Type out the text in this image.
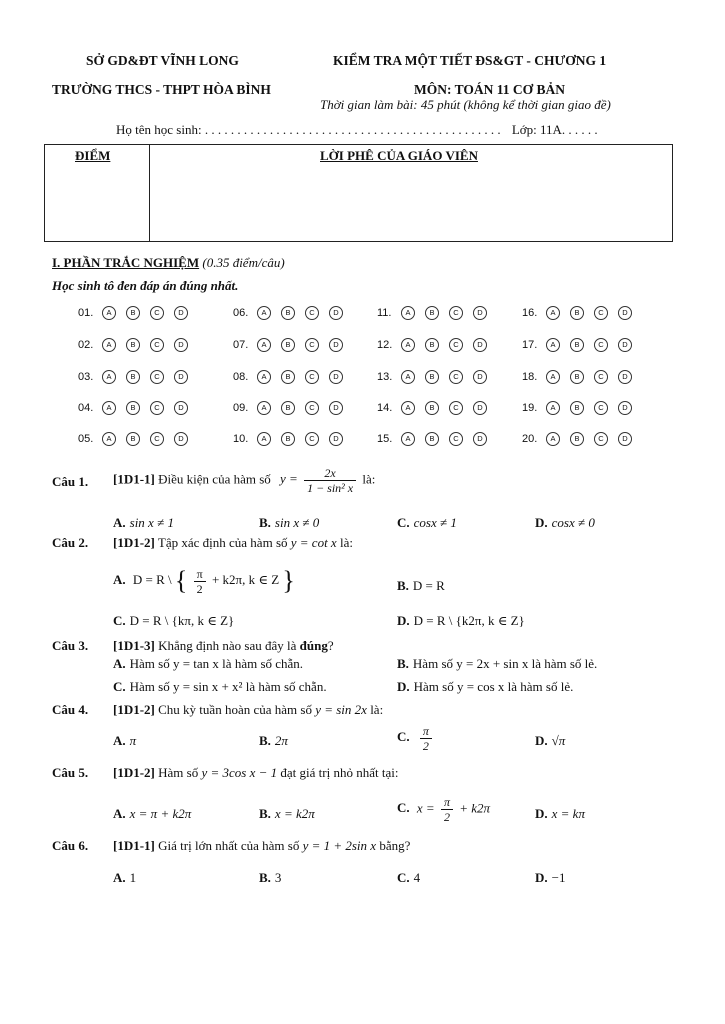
SỞ GD&ĐT VĨNH LONG
TRƯỜNG THCS - THPT HÒA BÌNH
KIỂM TRA MỘT TIẾT ĐS&GT - CHƯƠNG 1
MÔN: TOÁN 11 CƠ BẢN
Thời gian làm bài: 45 phút (không kể thời gian giao đề)
Họ tên học sinh: . . . . . . . . . . . . . . . . . . . . . . . . . . . . . . . . . . . . . . . . . . . . . . Lớp: 11A. . . . . .
ĐIỂM	LỜI PHÊ CỦA GIÁO VIÊN
I. PHẦN TRẮC NGHIỆM (0.35 điểm/câu)
Học sinh tô đen đáp án đúng nhất.
01.	A	B	C	D
02.	A	B	C	D
03.	A	B	C	D
04.	A	B	C	D
05.	A	B	C	D
06.	A	B	C	D
07.	A	B	C	D
08.	A	B	C	D
09.	A	B	C	D
10.	A	B	C	D
11.	A	B	C	D
12.	A	B	C	D
13.	A	B	C	D
14.	A	B	C	D
15.	A	B	C	D
16.	A	B	C	D
17.	A	B	C	D
18.	A	B	C	D
19.	A	B	C	D
20.	A	B	C	D
Câu 1. [1D1-1] Điều kiện của hàm số $y = \frac{2x}{\text{1 − sin² x}}$ là:
A. sin x ≠ 1	B. sin x ≠ 0	C. cosx ≠ 1	D. cosx ≠ 0
Câu 2. [1D1-2] Tập xác định của hàm số y = cot x là:
A. D = R \ { $\frac{\pi}{2} + k2\pi$, k ∈ Z }	B. D = R
C. D = R \ {kπ, k ∈ Z}	D. D = R \ {k2π, k ∈ Z}
Câu 3. [1D1-3] Khẳng định nào sau đây là đúng?
A. Hàm số y = tan x là hàm số chẵn.	B. Hàm số y = 2x + sin x là hàm số lẻ.
C. Hàm số y = sin x + x² là hàm số chẵn.	D. Hàm số y = cos x là hàm số lẻ.
Câu 4. [1D1-2] Chu kỳ tuần hoàn của hàm số y = sin 2x là:
A. π	B. 2π	C. $\frac{\pi}{2}$	D. √π
Câu 5. [1D1-2] Hàm số y = 3cos x − 1 đạt giá trị nhỏ nhất tại:
A. x = π + k2π	B. x = k2π	C. $x = \frac{\pi}{2} + k2\pi$	D. x = kπ
Câu 6. [1D1-1] Giá trị lớn nhất của hàm số y = 1 + 2sin x bằng?
A. 1	B. 3	C. 4	D. −1
